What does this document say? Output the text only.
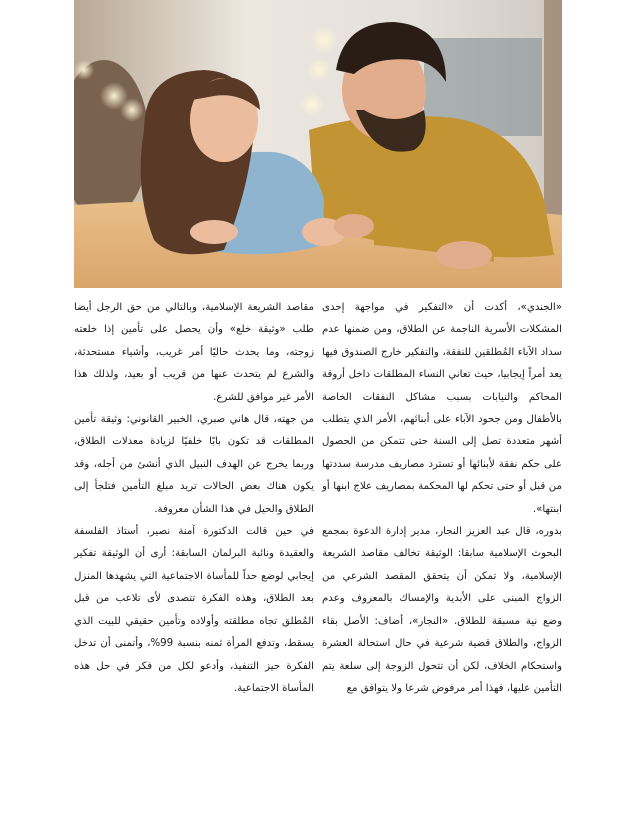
«الجندي»، أكدت أن «التفكير في مواجهة إحدى المشكلات الأسرية الناجمة عن الطلاق، ومن ضمنها عدم سداد الآباء المُطلقين للنفقة، والتفكير خارج الصندوق فيها يعد أمراً إيجابيا، حيث تعاني النساء المطلقات داخل أروقة المحاكم والنيابات بسبب مشاكل النفقات الخاصة بالأطفال ومن جحود الآباء على أبنائهم، الأمر الذي يتطلب أشهر متعددة تصل إلى السنة حتى تتمكن من الحصول على حكم نفقة لأبنائها أو تسترد مصاريف مدرسة سددتها من قبل أو حتى تحكم لها المحكمة بمصاريف علاج ابنها أو ابنتها».

بدوره، قال عبد العزيز النجار، مدير إدارة الدعوة بمجمع البحوث الإسلامية سابقا: الوثيقة تخالف مقاصد الشريعة الإسلامية، ولا تمكن أن يتحقق المقصد الشرعي من الزواج المبنى على الأبدية والإمساك بالمعروف وعدم وضع نية مسبقة للطلاق. «النجار»، أضاف: الأصل بقاء الزواج، والطلاق قضية شرعية في حال استحالة العشرة واستحكام الخلاف، لكن أن تتحول الزوجة إلى سلعة يتم التأمين عليها، فهذا أمر مرفوض شرعا ولا يتوافق مع

مقاصد الشريعة الإسلامية، وبالتالي من حق الرجل أيضا طلب «وثيقة خلع» وأن يحصل على تأمين إذا خلعته زوجته، وما يحدث حاليًا أمر غريب، وأشياء مستحدثة، والشرع لم يتحدث عنها من قريب أو بعيد، ولذلك هذا الأمر غير موافق للشرع.

من جهته، قال هاني صبري، الخبير القانوني: وثيقة تأمين المطلقات قد تكون بابًا خلفيًا لزيادة معدلات الطلاق، وربما يخرج عن الهدف النبيل الذي أنشئ من أجله، وقد يكون هناك بعض الحالات تريد مبلغ التأمين فتلجأ إلى الطلاق والحيل في هذا الشأن معروفة.

في حين قالت الدكتورة آمنة نصير، أستاذ الفلسفة والعقيدة ونائبة البرلمان السابقة: أرى أن الوثيقة تفكير إيجابي لوضع حداً للمأساة الاجتماعية التي يشهدها المنزل بعد الطلاق، وهذه الفكرة تتصدى لأى تلاعب من قبل المُطلق تجاه مطلقته وأولاده وتأمين حقيقي للبيت الذي يسقط، وتدفع المرأة ثمنه بنسبة 99%، وأتمنى أن تدخل الفكرة حيز التنفيذ، وأدعو لكل من فكر في حل هذه المأساة الاجتماعية.
